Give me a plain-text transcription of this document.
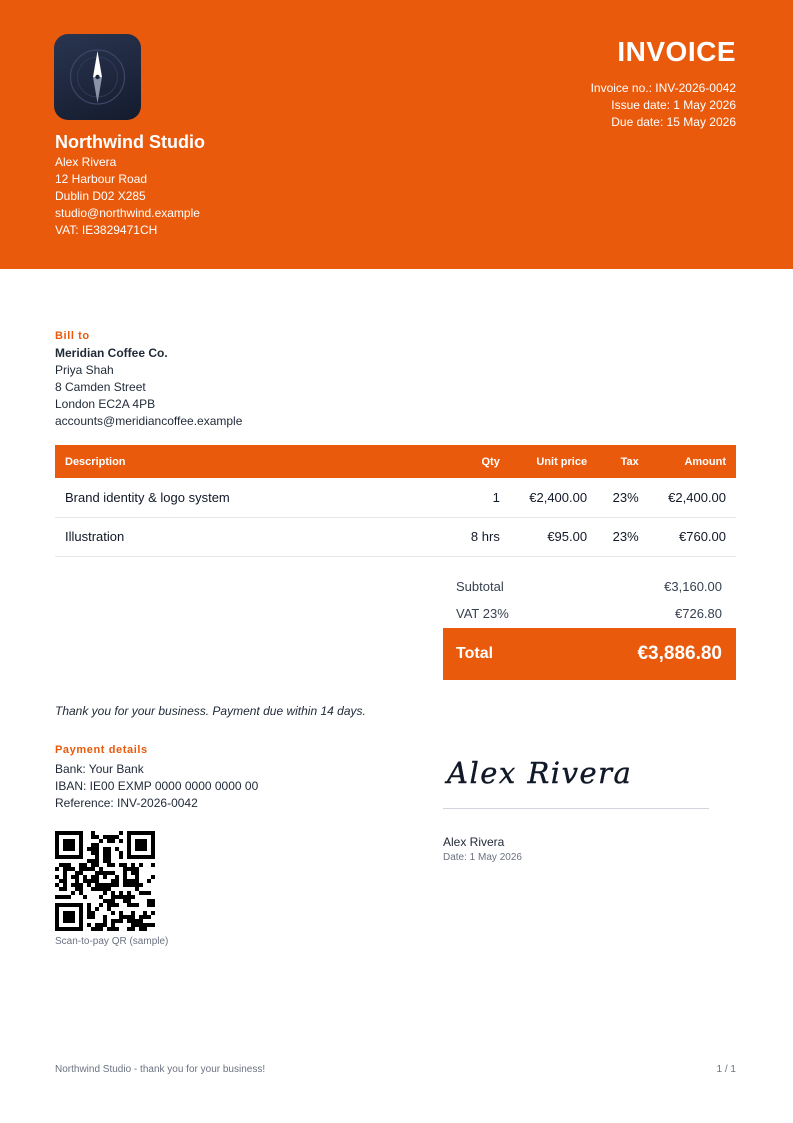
Northwind Studio
Alex Rivera
12 Harbour Road
Dublin D02 X285
studio@northwind.example
VAT: IE3829471CH
INVOICE
Invoice no.: INV-2026-0042
Issue date: 1 May 2026
Due date: 15 May 2026
Bill to
Meridian Coffee Co.
Priya Shah
8 Camden Street
London EC2A 4PB
accounts@meridiancoffee.example
Description	Qty	Unit price	Tax	Amount
Brand identity & logo system	1	€2,400.00	23%	€2,400.00
Illustration	8 hrs	€95.00	23%	€760.00
Subtotal	€3,160.00
VAT 23%	€726.80
Total	€3,886.80
Thank you for your business. Payment due within 14 days.
Payment details
Bank: Your Bank
IBAN: IE00 EXMP 0000 0000 0000 00
Reference: INV-2026-0042
Scan-to-pay QR (sample)
Alex Rivera
Alex Rivera
Date: 1 May 2026
Northwind Studio - thank you for your business!	1 / 1
